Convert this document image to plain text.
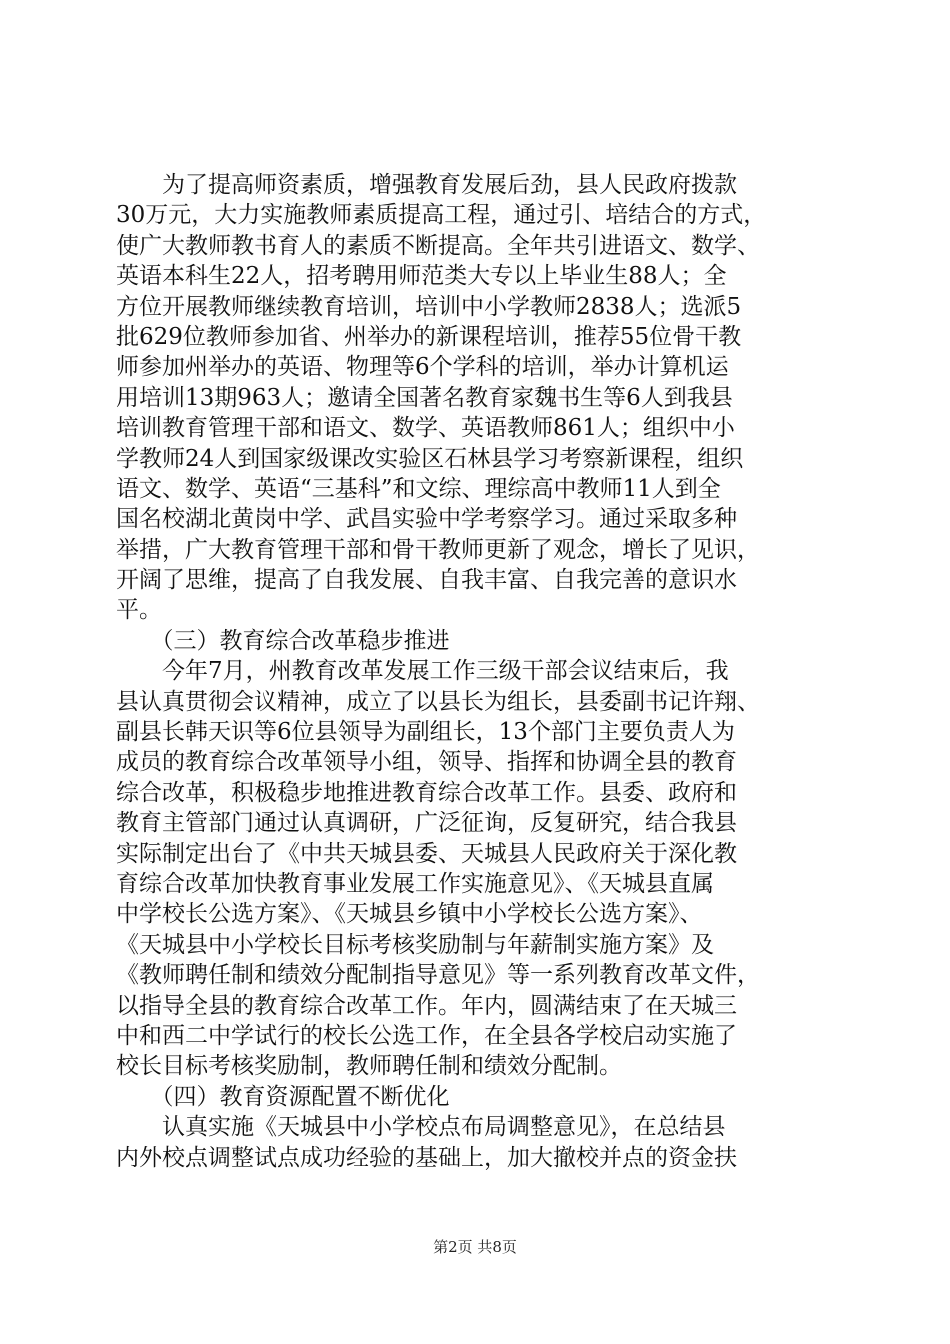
　　为了提高师资素质，增强教育发展后劲，县人民政府拨款
30万元，大力实施教师素质提高工程，通过引、培结合的方式，
使广大教师教书育人的素质不断提高。全年共引进语文、数学、
英语本科生22人，招考聘用师范类大专以上毕业生88人；全
方位开展教师继续教育培训，培训中小学教师2838人；选派5
批629位教师参加省、州举办的新课程培训，推荐55位骨干教
师参加州举办的英语、物理等6个学科的培训，举办计算机运
用培训13期963人；邀请全国著名教育家魏书生等6人到我县
培训教育管理干部和语文、数学、英语教师861人；组织中小
学教师24人到国家级课改实验区石林县学习考察新课程，组织
语文、数学、英语“三基科”和文综、理综高中教师11人到全
国名校湖北黄岗中学、武昌实验中学考察学习。通过采取多种
举措，广大教育管理干部和骨干教师更新了观念，增长了见识，
开阔了思维，提高了自我发展、自我丰富、自我完善的意识水
平。
　　（三）教育综合改革稳步推进
　　今年7月，州教育改革发展工作三级干部会议结束后，我
县认真贯彻会议精神，成立了以县长为组长，县委副书记许翔、
副县长韩天识等6位县领导为副组长，13个部门主要负责人为
成员的教育综合改革领导小组，领导、指挥和协调全县的教育
综合改革，积极稳步地推进教育综合改革工作。县委、政府和
教育主管部门通过认真调研，广泛征询，反复研究，结合我县
实际制定出台了《中共天城县委、天城县人民政府关于深化教
育综合改革加快教育事业发展工作实施意见》、《天城县直属
中学校长公选方案》、《天城县乡镇中小学校长公选方案》、
《天城县中小学校长目标考核奖励制与年薪制实施方案》及
《教师聘任制和绩效分配制指导意见》等一系列教育改革文件，
以指导全县的教育综合改革工作。年内，圆满结束了在天城三
中和西二中学试行的校长公选工作，在全县各学校启动实施了
校长目标考核奖励制，教师聘任制和绩效分配制。
　　（四）教育资源配置不断优化
　　认真实施《天城县中小学校点布局调整意见》，在总结县
内外校点调整试点成功经验的基础上，加大撤校并点的资金扶
第2页 共8页
